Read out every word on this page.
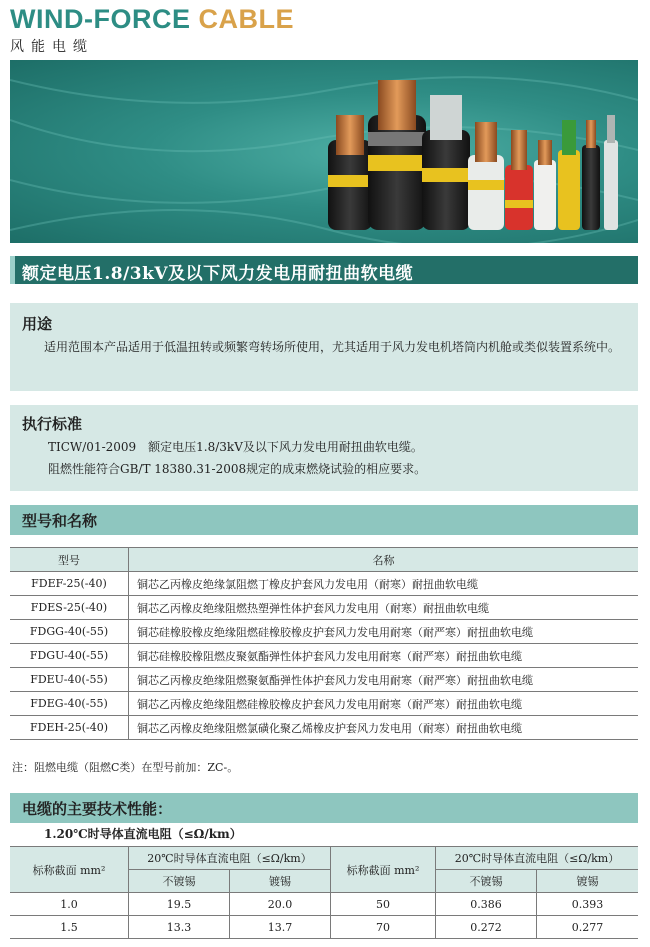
WIND-FORCE CABLE
风能电缆
额定电压1.8/3kV及以下风力发电用耐扭曲软电缆
用途
适用范围本产品适用于低温扭转或频繁弯转场所使用，尤其适用于风力发电机塔筒内机舱或类似装置系统中。
执行标准
TICW/01-2009　额定电压1.8/3kV及以下风力发电用耐扭曲软电缆。
阻燃性能符合GB/T 18380.31-2008规定的成束燃烧试验的相应要求。
型号和名称
型号	名称
FDEF-25(-40)	铜芯乙丙橡皮绝缘氯阻燃丁橡皮护套风力发电用（耐寒）耐扭曲软电缆
FDES-25(-40)	铜芯乙丙橡皮绝缘阻燃热塑弹性体护套风力发电用（耐寒）耐扭曲软电缆
FDGG-40(-55)	铜芯硅橡胶橡皮绝缘阻燃硅橡胶橡皮护套风力发电用耐寒（耐严寒）耐扭曲软电缆
FDGU-40(-55)	铜芯硅橡胶橡阻燃皮聚氨酯弹性体护套风力发电用耐寒（耐严寒）耐扭曲软电缆
FDEU-40(-55)	铜芯乙丙橡皮绝缘阻燃聚氨酯弹性体护套风力发电用耐寒（耐严寒）耐扭曲软电缆
FDEG-40(-55)	铜芯乙丙橡皮绝缘阻燃硅橡胶橡皮护套风力发电用耐寒（耐严寒）耐扭曲软电缆
FDEH-25(-40)	铜芯乙丙橡皮绝缘阻燃氯磺化聚乙烯橡皮护套风力发电用（耐寒）耐扭曲软电缆
注：阻燃电缆（阻燃C类）在型号前加：ZC-。
电缆的主要技术性能：
1.20℃时导体直流电阻（≤Ω/km）
标称截面 mm²	20℃时导体直流电阻（≤Ω/km）		标称截面 mm²	20℃时导体直流电阻（≤Ω/km）	
	不镀锡	镀锡		不镀锡	镀锡
1.0	19.5	20.0	50	0.386	0.393
1.5	13.3	13.7	70	0.272	0.277
